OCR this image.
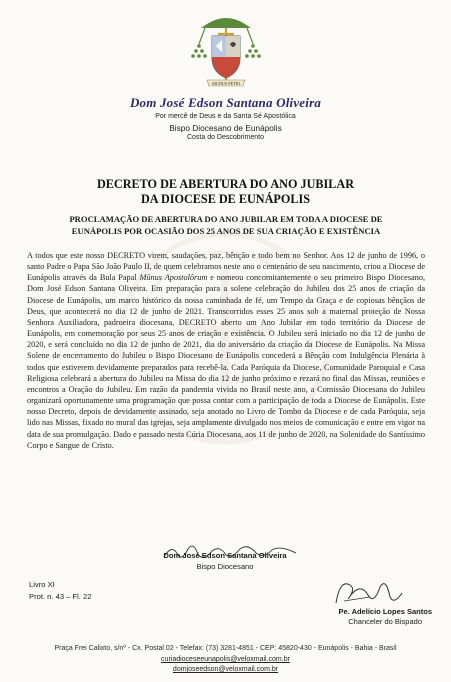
MUNUS PETRI
Dom José Edson Santana Oliveira
Por mercê de Deus e da Santa Sé Apostólica
Bispo Diocesano de Eunápolis
Costa do Descobrimento
DECRETO DE ABERTURA DO ANO JUBILAR
DA DIOCESE DE EUNÁPOLIS
PROCLAMAÇÃO DE ABERTURA DO ANO JUBILAR EM TODA A DIOCESE DE
EUNÁPOLIS POR OCASIÃO DOS 25 ANOS DE SUA CRIAÇÃO E EXISTÊNCIA

A todos que este nosso DECRETO virem, saudações, paz, bênção e todo bem no Senhor. Aos 12 de junho de 1996, o santo Padre o Papa São João Paulo II, de quem celebramos neste ano o centenário de seu nascimento, criou a Diocese de Eunápolis através da Bula Papal Mûnus Apostolôrum e nomeou concomitantemente o seu primeiro Bispo Diocesano, Dom José Edson Santana Oliveira. Em preparação para a solene celebração do Jubileu dos 25 anos de criação da Diocese de Eunápolis, um marco histórico da nossa caminhada de fé, um Tempo da Graça e de copiosas bênçãos de Deus, que acontecerá no dia 12 de junho de 2021. Transcorridos esses 25 anos sob a maternal proteção de Nossa Senhora Auxiliadora, padroeira diocesana, DECRETO aberto um Ano Jubilar em todo território da Diocese de Eunápolis, em comemoração por seus 25 anos de criação e existência. O Jubileu será iniciado no dia 12 de junho de 2020, e será concluído no dia 12 de junho de 2021, dia do aniversário da criação da Diocese de Eunápolis. Na Missa Solene de encerramento do Jubileu o Bispo Diocesano de Eunápolis concederá a Bênção com Indulgência Plenária à todos que estiverem devidamente preparados para recebê-la. Cada Paróquia da Diocese, Comunidade Paroquial e Casa Religiosa celebrará a abertura do Jubileu na Missa do dia 12 de junho próximo e rezará no final das Missas, reuniões e encontros a Oração do Jubileu. Em razão da pandemia vivida no Brasil neste ano, a Comissão Diocesana do Jubileu organizará oportunamente uma programação que possa contar com a participação de toda a Diocese de Eunápolis. Este nosso Decreto, depois de devidamente assinado, seja anotado no Livro de Tombo da Diocese e de cada Paróquia, seja lido nas Missas, fixado no mural das igrejas, seja amplamente divulgado nos meios de comunicação e entre em vigor na data de sua promulgação. Dado e passado nesta Cúria Diocesana, aos 11 de junho de 2020, na Solenidade do Santíssimo Corpo e Sangue de Cristo.

Dom José Edson Santana Oliveira
Bispo Diocesano
Livro XI
Prot. n. 43 – Fl. 22
Pe. Adelício Lopes Santos
Chanceler do Bispado
Praça Frei Calixto, s/nº - Cx. Postal 02 - Telefax: (73) 3281-4851 - CEP: 45820-430 - Eunápolis - Bahia - Brasil
curiadioceseeunapolis@veloxmail.com.br
domjoseedson@veloxmail.com.br
